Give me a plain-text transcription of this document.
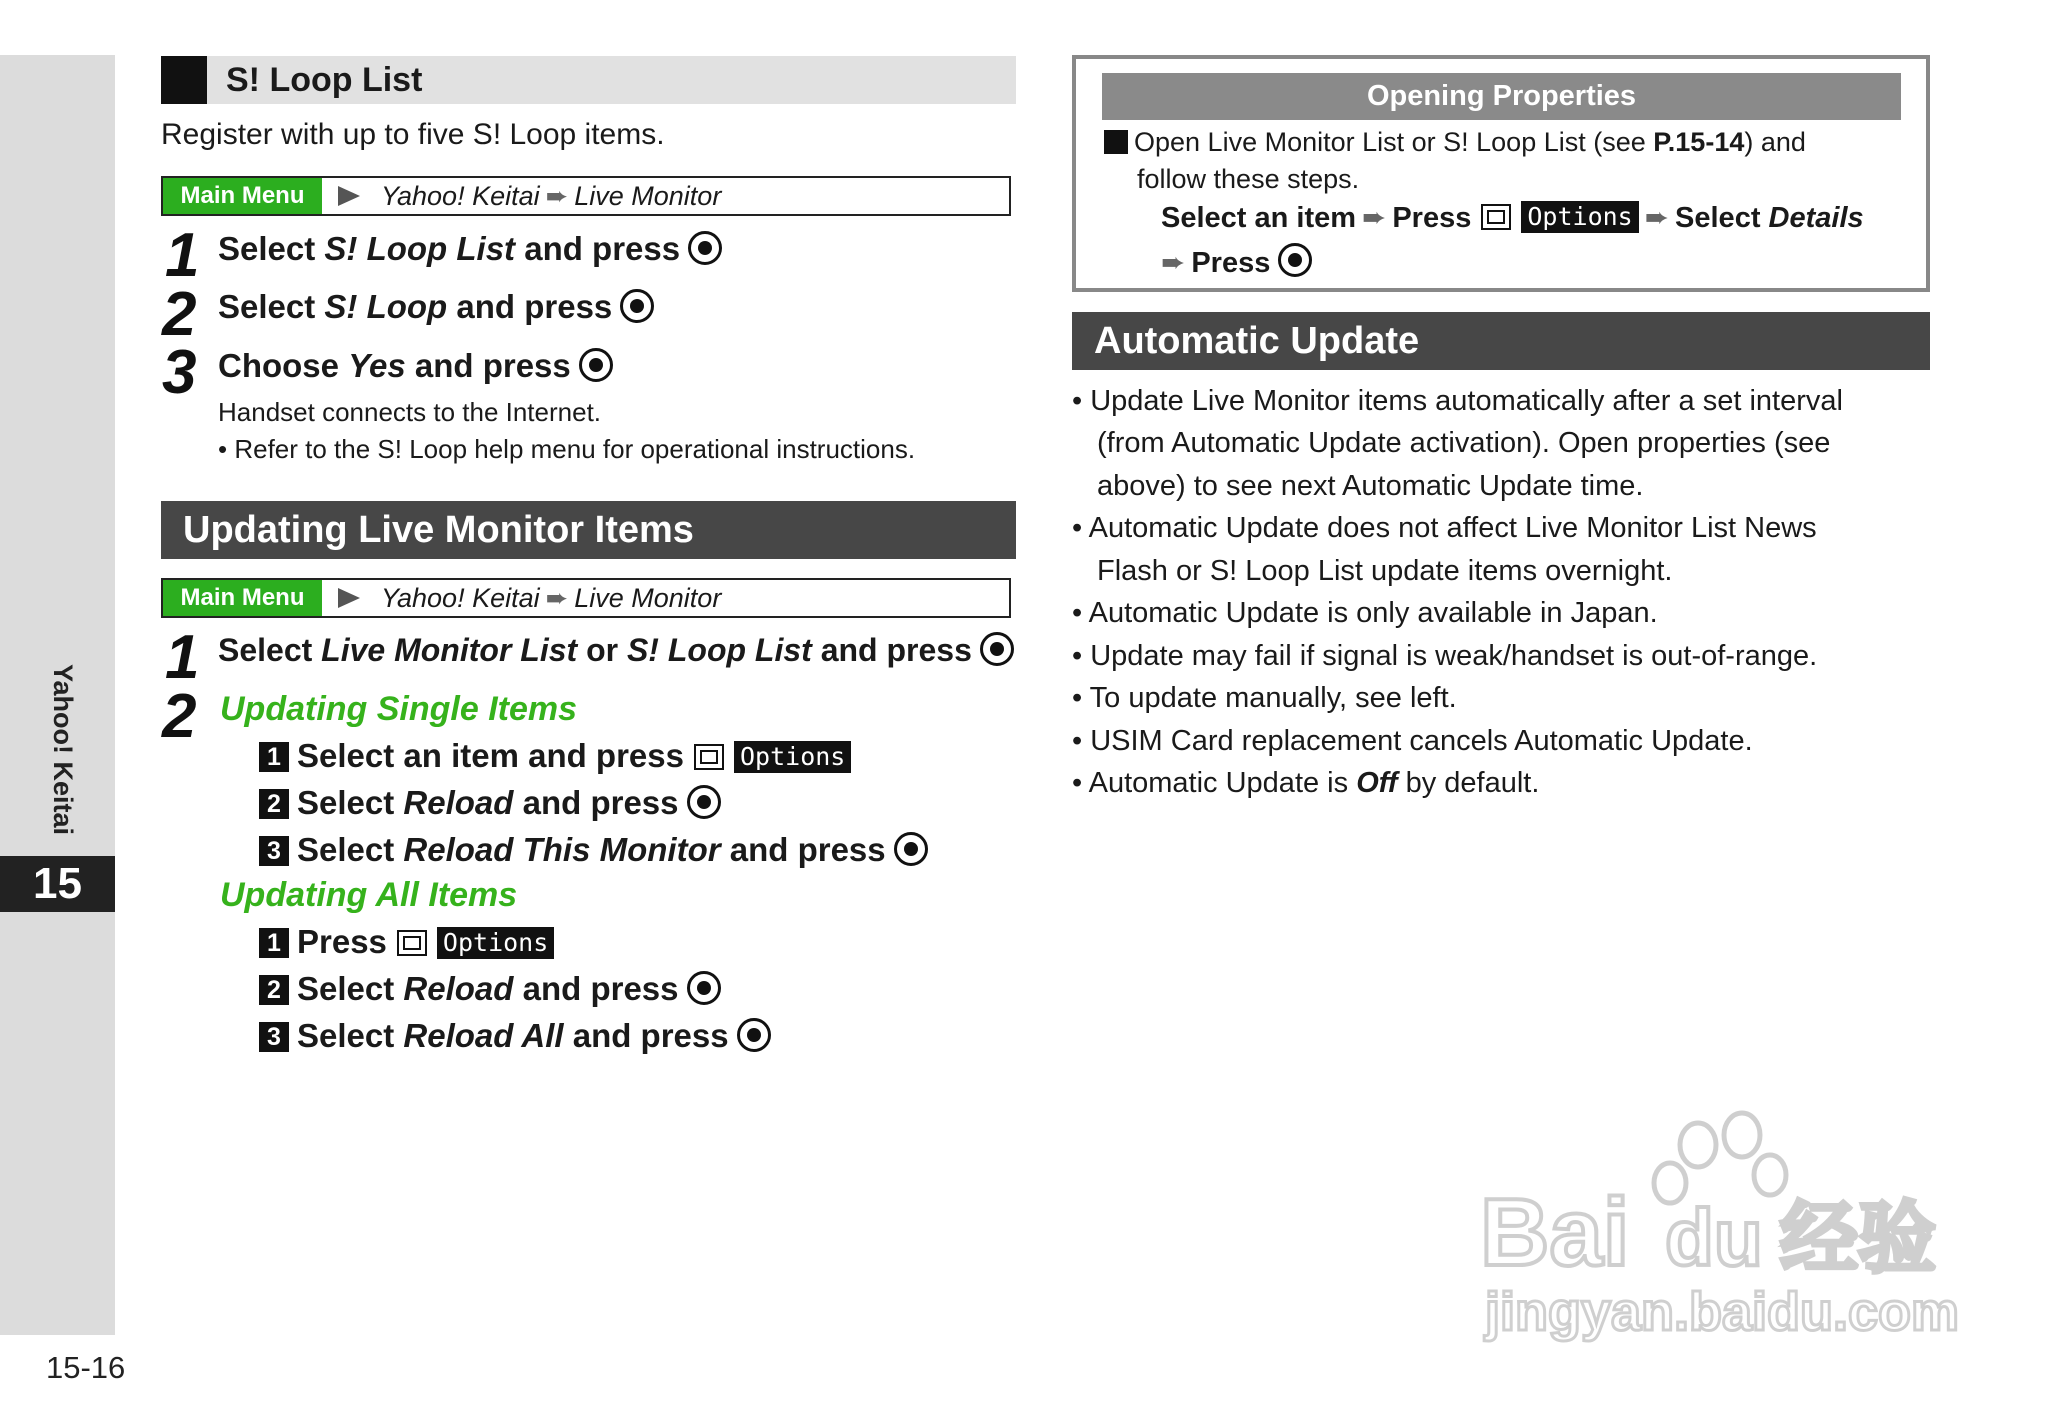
Yahoo! Keitai
15
15-16
S! Loop List
Register with up to five S! Loop items.
Main Menu	Yahoo! Keitai ➨ Live Monitor
1 Select S! Loop List and press
2 Select S! Loop and press
3 Choose Yes and press
Handset connects to the Internet.
• Refer to the S! Loop help menu for operational instructions.
Updating Live Monitor Items
Main Menu	Yahoo! Keitai ➨ Live Monitor
1 Select Live Monitor List or S! Loop List and press
2 Updating Single Items
1 Select an item and press Options
2 Select Reload and press
3 Select Reload This Monitor and press
Updating All Items
1 Press Options
2 Select Reload and press
3 Select Reload All and press
Opening Properties
Open Live Monitor List or S! Loop List (see P.15-14) and
follow these steps.
Select an item ➨ Press Options ➨ Select Details
➨ Press
Automatic Update
• Update Live Monitor items automatically after a set interval
(from Automatic Update activation). Open properties (see
above) to see next Automatic Update time.
• Automatic Update does not affect Live Monitor List News
Flash or S! Loop List update items overnight.
• Automatic Update is only available in Japan.
• Update may fail if signal is weak/handset is out-of-range.
• To update manually, see left.
• USIM Card replacement cancels Automatic Update.
• Automatic Update is Off by default.
Bai du 经验
jingyan.baidu.com
